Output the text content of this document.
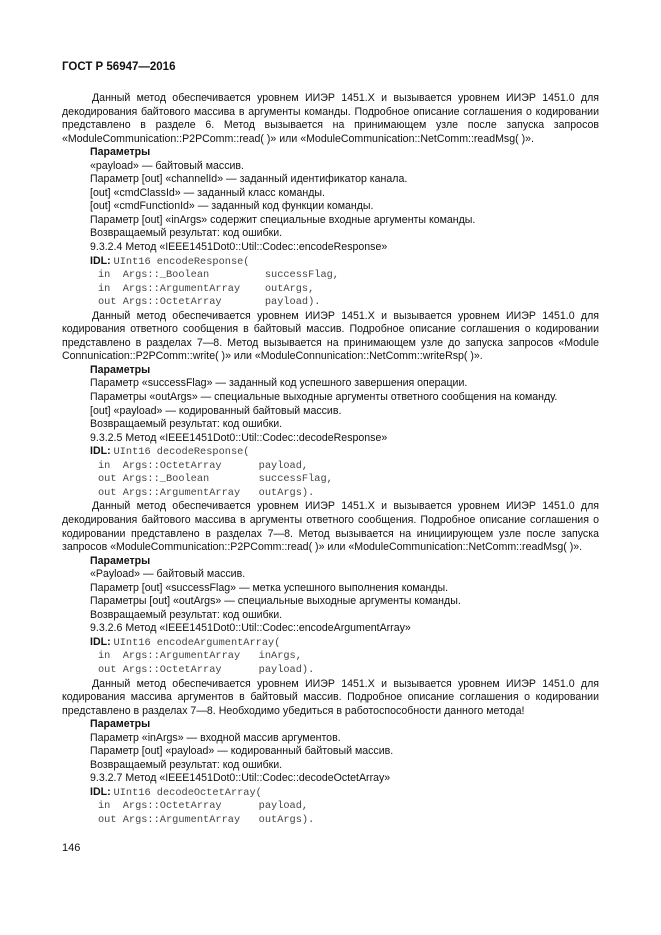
ГОСТ Р 56947—2016

Данный метод обеспечивается уровнем ИИЭР 1451.X и вызывается уровнем ИИЭР 1451.0 для декодирования байтового массива в аргументы команды. Подробное описание соглашения о кодировании представлено в разделе 6. Метод вызывается на принимающем узле после запуска запросов «ModuleCommunication::P2PComm::read( )» или «ModuleCommunication::NetComm::readMsg( )».

Параметры

«payload» — байтовый массив.

Параметр [out] «channelId» — заданный идентификатор канала.

[out] «cmdClassId» — заданный класс команды.

[out] «cmdFunctionId» — заданный код функции команды.

Параметр [out] «inArgs» содержит специальные входные аргументы команды.

Возвращаемый результат: код ошибки.

9.3.2.4 Метод «IEEE1451Dot0::Util::Codec::encodeResponse»

IDL: UInt16 encodeResponse(
in  Args::_Boolean         successFlag,
in  Args::ArgumentArray    outArgs,
out Args::OctetArray       payload).

Данный метод обеспечивается уровнем ИИЭР 1451.X и вызывается уровнем ИИЭР 1451.0 для кодирования ответного сообщения в байтовый массив. Подробное описание соглашения о кодировании представлено в разделах 7—8. Метод вызывается на принимающем узле до запуска запросов «Module Connunication::P2PComm::write( )» или «ModuleConnunication::NetComm::writeRsp( )».

Параметры

Параметр «successFlag» — заданный код успешного завершения операции.

Параметры «outArgs» — специальные выходные аргументы ответного сообщения на команду.

[out] «payload» — кодированный байтовый массив.

Возвращаемый результат: код ошибки.

9.3.2.5 Метод «IEEE1451Dot0::Util::Codec::decodeResponse»

IDL: UInt16 decodeResponse(
in  Args::OctetArray      payload,
out Args::_Boolean        successFlag,
out Args::ArgumentArray   outArgs).

Данный метод обеспечивается уровнем ИИЭР 1451.X и вызывается уровнем ИИЭР 1451.0 для декодирования байтового массива в аргументы ответного сообщения. Подробное описание соглашения о кодировании представлено в разделах 7—8. Метод вызывается на инициирующем узле после запуска запросов «ModuleCommunication::P2PComm::read( )» или «ModuleCommunication::NetComm::readMsg( )».

Параметры

«Payload» — байтовый массив.

Параметр [out] «successFlag» — метка успешного выполнения команды.

Параметры [out] «outArgs» — специальные выходные аргументы команды.

Возвращаемый результат: код ошибки.

9.3.2.6 Метод «IEEE1451Dot0::Util::Codec::encodeArgumentArray»

IDL: UInt16 encodeArgumentArray(
in  Args::ArgumentArray   inArgs,
out Args::OctetArray      payload).

Данный метод обеспечивается уровнем ИИЭР 1451.X и вызывается уровнем ИИЭР 1451.0 для кодирования массива аргументов в байтовый массив. Подробное описание соглашения о кодировании представлено в разделах 7—8. Необходимо убедиться в работоспособности данного метода!

Параметры

Параметр «inArgs» — входной массив аргументов.

Параметр [out] «payload» — кодированный байтовый массив.

Возвращаемый результат: код ошибки.

9.3.2.7 Метод «IEEE1451Dot0::Util::Codec::decodeOctetArray»

IDL: UInt16 decodeOctetArray(
in  Args::OctetArray      payload,
out Args::ArgumentArray   outArgs).
146
